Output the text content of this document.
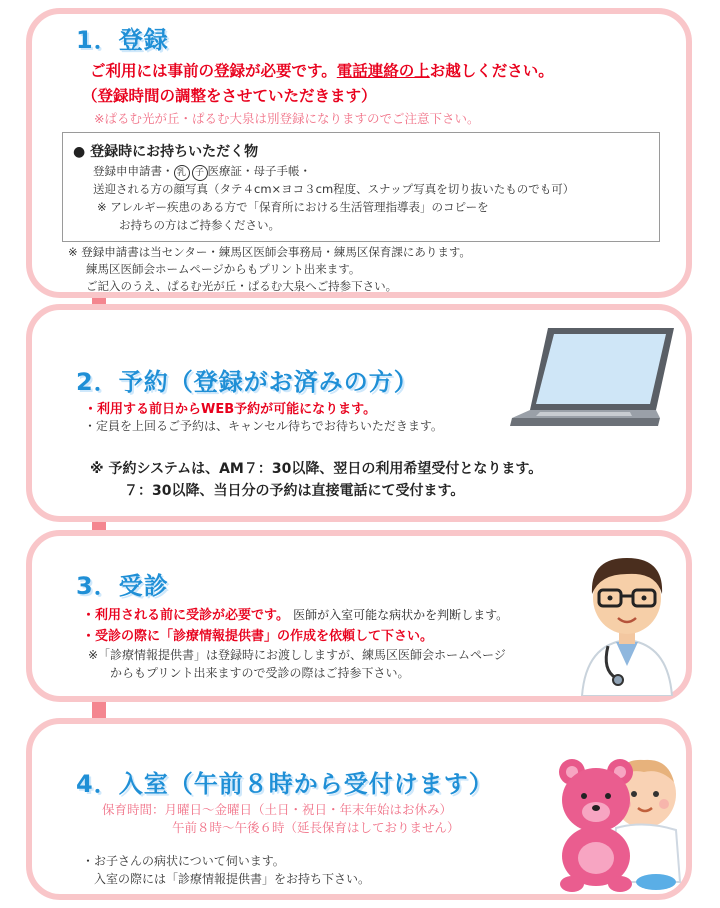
1．登録
ご利用には事前の登録が必要です。電話連絡の上お越しください。
（登録時間の調整をさせていただきます）
※ぱるむ光が丘・ぱるむ大泉は別登録になりますのでご注意下さい。
● 登録時にお持ちいただく物
登録申申請書・ 乳 子 医療証・母子手帳・
送迎される方の顔写真（タテ４cm×ヨコ３cm程度、スナップ写真を切り抜いたものでも可）
※ アレルギー疾患のある方で「保育所における生活管理指導表」のコピーを
お持ちの方はご持参ください。
※ 登録申請書は当センター・練馬区医師会事務局・練馬区保育課にあります。
練馬区医師会ホームページからもプリント出来ます。
ご記入のうえ、ぱるむ光が丘・ぱるむ大泉へご持参下さい。
2．予約（登録がお済みの方）
・利用する前日からWEB予約が可能になります。
・定員を上回るご予約は、キャンセル待ちでお待ちいただきます。
※ 予約システムは、AM７：30以降、翌日の利用希望受付となります。
７：30以降、当日分の予約は直接電話にて受付ます。
3．受診
・利用される前に受診が必要です。 医師が入室可能な病状かを判断します。
・受診の際に「診療情報提供書」の作成を依頼して下さい。
※「診療情報提供書」は登録時にお渡ししますが、練馬区医師会ホームページ
からもプリント出来ますので受診の際はご持参下さい。
4．入室（午前８時から受付けます）
保育時間：月曜日～金曜日（土日・祝日・年末年始はお休み）
午前８時～午後６時（延長保育はしておりません）
・お子さんの病状について伺います。
入室の際には「診療情報提供書」をお持ち下さい。
